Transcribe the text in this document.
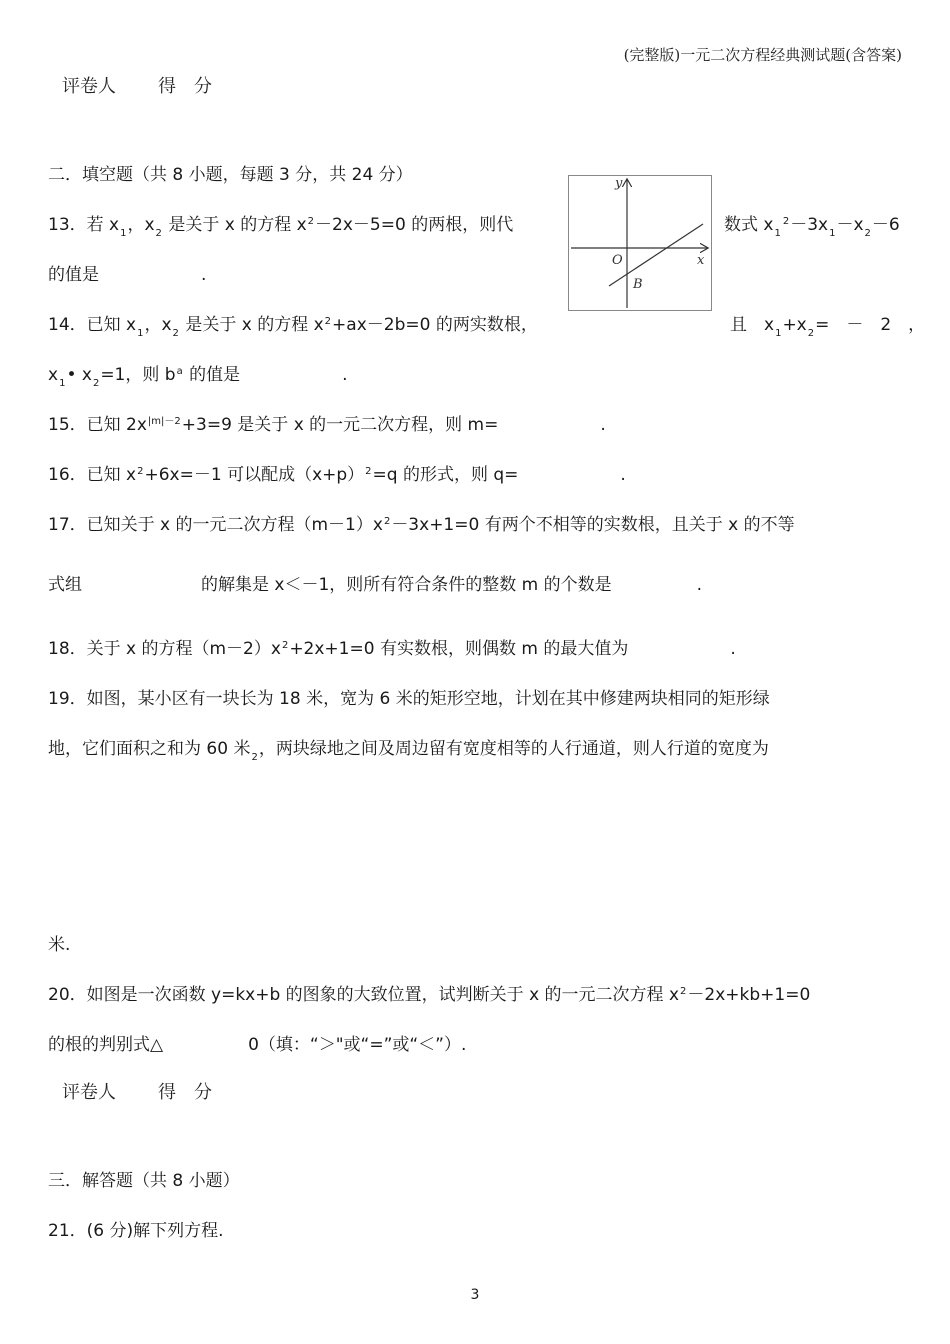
(完整版)一元二次方程经典测试题(含答案)
评卷人 得　分
二．填空题（共 8 小题，每题 3 分，共 24 分）
13．若 $x_1$，$x_2$ 是关于 x 的方程 $x^2-2x-5=0$ 的两根，则代	数式 $x_1^2-3x_1-x_2-6$
的值是　　　　　　.
y
x
O
B
14．已知 $x_1$，$x_2$ 是关于 x 的方程 $x^2+ax-2b=0$ 的两实数根，	且　$x_1+x_2=$　－　2　，
$x_1•$ $x_2=1$，则 $b^a$ 的值是　　　　　　.
15．已知 $2x^{|m|-2}+3=9$ 是关于 x 的一元二次方程，则 m=　　　　　　.
16．已知 $x^2+6x=-1$ 可以配成$(x+p)^2=q$ 的形式，则 q=　　　　　　.
17．已知关于 x 的一元二次方程$(m-1)x^2-3x+1=0$ 有两个不相等的实数根，且关于 x 的不等
式组　　　　　　　的解集是 x＜－1，则所有符合条件的整数 m 的个数是　　　　　.
18．关于 x 的方程$(m-2)x^2+2x+1=0$ 有实数根，则偶数 m 的最大值为　　　　　　.
19．如图，某小区有一块长为 18 米，宽为 6 米的矩形空地，计划在其中修建两块相同的矩形绿
地，它们面积之和为 60 米$_2$，两块绿地之间及周边留有宽度相等的人行通道，则人行道的宽度为
米.
20．如图是一次函数 y=kx+b 的图象的大致位置，试判断关于 x 的一元二次方程 $x^2-2x+kb+1=0$
的根的判别式△　　　　　0（填：“＞"或“=”或“＜”）.
评卷人 得　分
三．解答题（共 8 小题）
21．(6 分)解下列方程.
3
